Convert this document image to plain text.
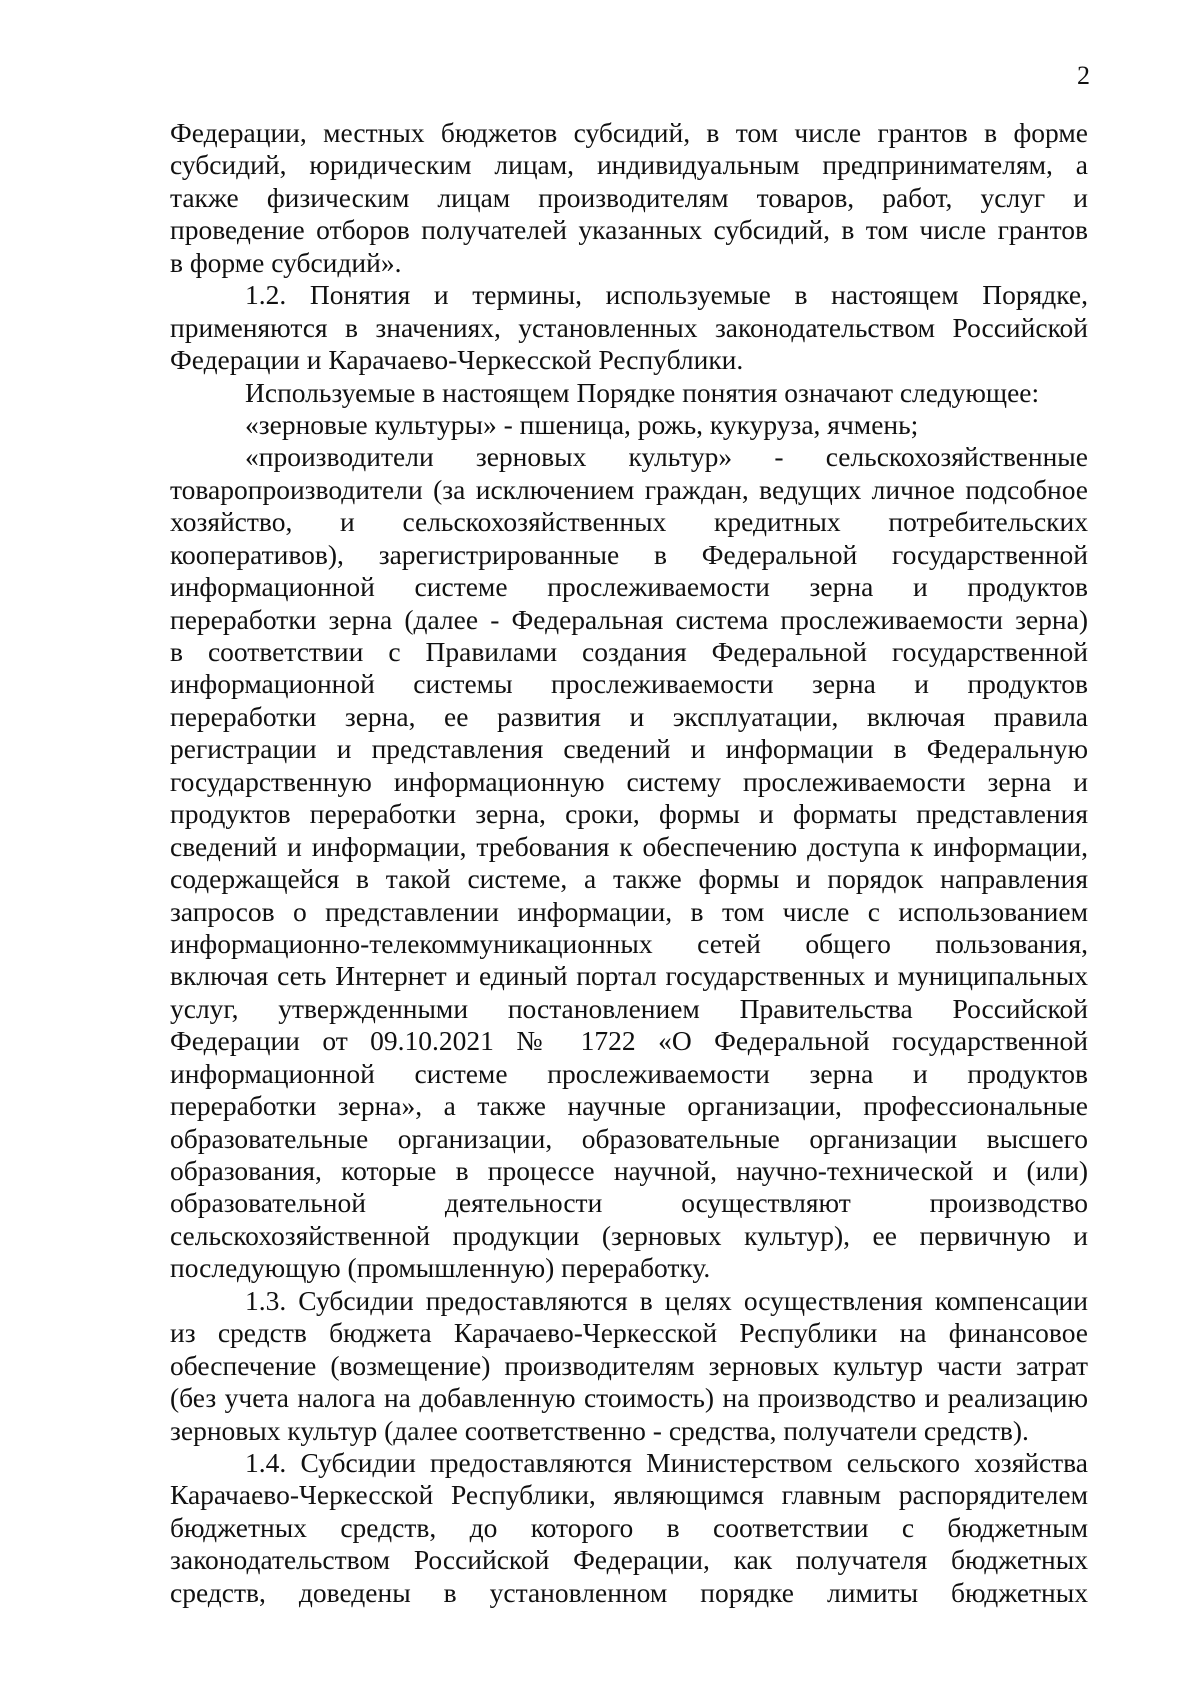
2
Федерации, местных бюджетов субсидий, в том числе грантов в форме
субсидий, юридическим лицам, индивидуальным предпринимателям, а
также физическим лицам производителям товаров, работ, услуг и
проведение отборов получателей указанных субсидий, в том числе грантов
в форме субсидий».
1.2. Понятия и термины, используемые в настоящем Порядке,
применяются в значениях, установленных законодательством Российской
Федерации и Карачаево-Черкесской Республики.
Используемые в настоящем Порядке понятия означают следующее:
«зерновые культуры» - пшеница, рожь, кукуруза, ячмень;
«производители зерновых культур» - сельскохозяйственные
товаропроизводители (за исключением граждан, ведущих личное подсобное
хозяйство, и сельскохозяйственных кредитных потребительских
кооперативов), зарегистрированные в Федеральной государственной
информационной системе прослеживаемости зерна и продуктов
переработки зерна (далее - Федеральная система прослеживаемости зерна)
в соответствии с Правилами создания Федеральной государственной
информационной системы прослеживаемости зерна и продуктов
переработки зерна, ее развития и эксплуатации, включая правила
регистрации и представления сведений и информации в Федеральную
государственную информационную систему прослеживаемости зерна и
продуктов переработки зерна, сроки, формы и форматы представления
сведений и информации, требования к обеспечению доступа к информации,
содержащейся в такой системе, а также формы и порядок направления
запросов о представлении информации, в том числе с использованием
информационно-телекоммуникационных сетей общего пользования,
включая сеть Интернет и единый портал государственных и муниципальных
услуг, утвержденными постановлением Правительства Российской
Федерации от 09.10.2021 № 1722 «О Федеральной государственной
информационной системе прослеживаемости зерна и продуктов
переработки зерна», а также научные организации, профессиональные
образовательные организации, образовательные организации высшего
образования, которые в процессе научной, научно-технической и (или)
образовательной деятельности осуществляют производство
сельскохозяйственной продукции (зерновых культур), ее первичную и
последующую (промышленную) переработку.
1.3. Субсидии предоставляются в целях осуществления компенсации
из средств бюджета Карачаево-Черкесской Республики на финансовое
обеспечение (возмещение) производителям зерновых культур части затрат
(без учета налога на добавленную стоимость) на производство и реализацию
зерновых культур (далее соответственно - средства, получатели средств).
1.4. Субсидии предоставляются Министерством сельского хозяйства
Карачаево-Черкесской Республики, являющимся главным распорядителем
бюджетных средств, до которого в соответствии с бюджетным
законодательством Российской Федерации, как получателя бюджетных
средств, доведены в установленном порядке лимиты бюджетных
